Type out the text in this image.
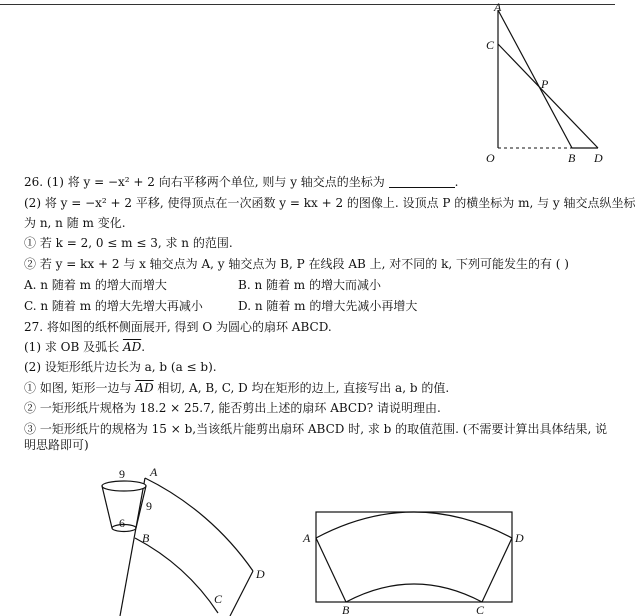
A
C
P
O	B D
26. (1) 将 y = −x² + 2 向右平移两个单位, 则与 y 轴交点的坐标为	.
(2) 将 y = −x² + 2 平移, 使得顶点在一次函数 y = kx + 2 的图像上. 设顶点 P 的横坐标为 m, 与 y 轴交点纵坐标
为 n, n 随 m 变化.
① 若 k = 2, 0 ≤ m ≤ 3, 求 n 的范围.
② 若 y = kx + 2 与 x 轴交点为 A, y 轴交点为 B, P 在线段 AB 上, 对不同的 k, 下列可能发生的有 ( )
A. n 随着 m 的增大而增大	B. n 随着 m 的增大而减小
C. n 随着 m 的增大先增大再减小	D. n 随着 m 的增大先减小再增大
27. 将如图的纸杯侧面展开, 得到 O 为圆心的扇环 ABCD.
(1) 求 OB 及弧长 $\overline{AD}$.
(2) 设矩形纸片边长为 a, b (a ≤ b).
① 如图, 矩形一边与 $\overline{AD}$ 相切, A, B, C, D 均在矩形的边上, 直接写出 a, b 的值.
② 一矩形纸片规格为 18.2 × 25.7, 能否剪出上述的扇环 ABCD? 请说明理由.
③ 一矩形纸片的规格为 15 × b,当该纸片能剪出扇环 ABCD 时, 求 b 的取值范围. (不需要计算出具体结果, 说明思路即可)
9
9
6
A
B
C
D
A
B	C
D
